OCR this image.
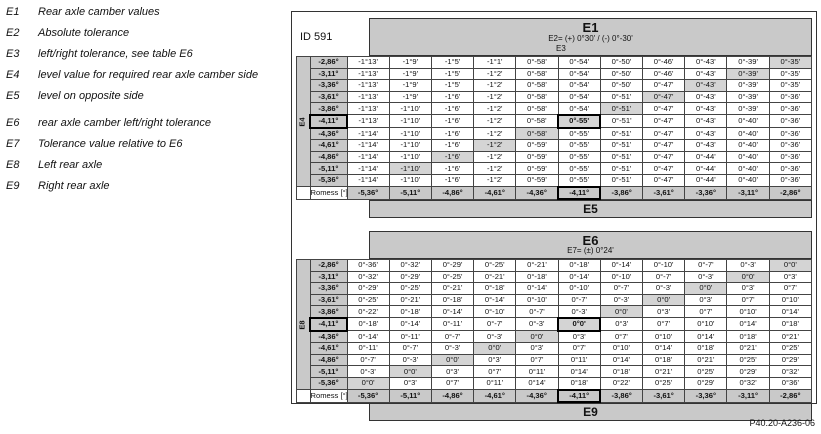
E1	Rear axle camber values
E2	Absolute tolerance
E3	left/right tolerance, see table E6
E4	level value for required rear axle camber side
E5	level on opposite side
E6	rear axle camber left/right tolerance
E7	Tolerance value relative to E6
E8	Left rear axle
E9	Right rear axle
ID 591
E1
E2= (+) 0°30' / (-) 0°-30'
E3
E4	-2,86°	-1°13'	-1°9'	-1°5'	-1°1'	0°-58'	0°-54'	0°-50'	0°-46'	0°-43'	0°-39'	0°-35'
	-3,11°	-1°13'	-1°9'	-1°5'	-1°2'	0°-58'	0°-54'	0°-50'	0°-46'	0°-43'	0°-39'	0°-35'
	-3,36°	-1°13'	-1°9'	-1°5'	-1°2'	0°-58'	0°-54'	0°-50'	0°-47'	0°-43'	0°-39'	0°-35'
	-3,61°	-1°13'	-1°9'	-1°6'	-1°2'	0°-58'	0°-54'	0°-51'	0°-47'	0°-43'	0°-39'	0°-36'
	-3,86°	-1°13'	-1°10'	-1°6'	-1°2'	0°-58'	0°-54'	0°-51'	0°-47'	0°-43'	0°-39'	0°-36'
	-4,11°	-1°13'	-1°10'	-1°6'	-1°2'	0°-58'	0°-55'	0°-51'	0°-47'	0°-43'	0°-40'	0°-36'
	-4,36°	-1°14'	-1°10'	-1°6'	-1°2'	0°-58'	0°-55'	0°-51'	0°-47'	0°-43'	0°-40'	0°-36'
	-4,61°	-1°14'	-1°10'	-1°6'	-1°2'	0°-59'	0°-55'	0°-51'	0°-47'	0°-43'	0°-40'	0°-36'
	-4,86°	-1°14'	-1°10'	-1°6'	-1°2'	0°-59'	0°-55'	0°-51'	0°-47'	0°-44'	0°-40'	0°-36'
	-5,11°	-1°14'	-1°10'	-1°6'	-1°2'	0°-59'	0°-55'	0°-51'	0°-47'	0°-44'	0°-40'	0°-36'
	-5,36°	-1°14'	-1°10'	-1°6'	-1°2'	0°-59'	0°-55'	0°-51'	0°-47'	0°-44'	0°-40'	0°-36'
	Romess [°]	-5,36°	-5,11°	-4,86°	-4,61°	-4,36°	-4,11°	-3,86°	-3,61°	-3,36°	-3,11°	-2,86°
E5
E6
E7= (±) 0°24'
E8	-2,86°	0°-36'	0°-32'	0°-29'	0°-25'	0°-21'	0°-18'	0°-14'	0°-10'	0°-7'	0°-3'	0°0'
	-3,11°	0°-32'	0°-29'	0°-25'	0°-21'	0°-18'	0°-14'	0°-10'	0°-7'	0°-3'	0°0'	0°3'
	-3,36°	0°-29'	0°-25'	0°-21'	0°-18'	0°-14'	0°-10'	0°-7'	0°-3'	0°0'	0°3'	0°7'
	-3,61°	0°-25'	0°-21'	0°-18'	0°-14'	0°-10'	0°-7'	0°-3'	0°0'	0°3'	0°7'	0°10'
	-3,86°	0°-22'	0°-18'	0°-14'	0°-10'	0°-7'	0°-3'	0°0'	0°3'	0°7'	0°10'	0°14'
	-4,11°	0°-18'	0°-14'	0°-11'	0°-7'	0°-3'	0°0'	0°3'	0°7'	0°10'	0°14'	0°18'
	-4,36°	0°-14'	0°-11'	0°-7'	0°-3'	0°0'	0°3'	0°7'	0°10'	0°14'	0°18'	0°21'
	-4,61°	0°-11'	0°-7'	0°-3'	0°0'	0°3'	0°7'	0°10'	0°14'	0°18'	0°21'	0°25'
	-4,86°	0°-7'	0°-3'	0°0'	0°3'	0°7'	0°11'	0°14'	0°18'	0°21'	0°25'	0°29'
	-5,11°	0°-3'	0°0'	0°3'	0°7'	0°11'	0°14'	0°18'	0°21'	0°25'	0°29'	0°32'
	-5,36°	0°0'	0°3'	0°7'	0°11'	0°14'	0°18'	0°22'	0°25'	0°29'	0°32'	0°36'
	Romess [°]	-5,36°	-5,11°	-4,86°	-4,61°	-4,36°	-4,11°	-3,86°	-3,61°	-3,36°	-3,11°	-2,86°
E9
P40.20-A236-06
